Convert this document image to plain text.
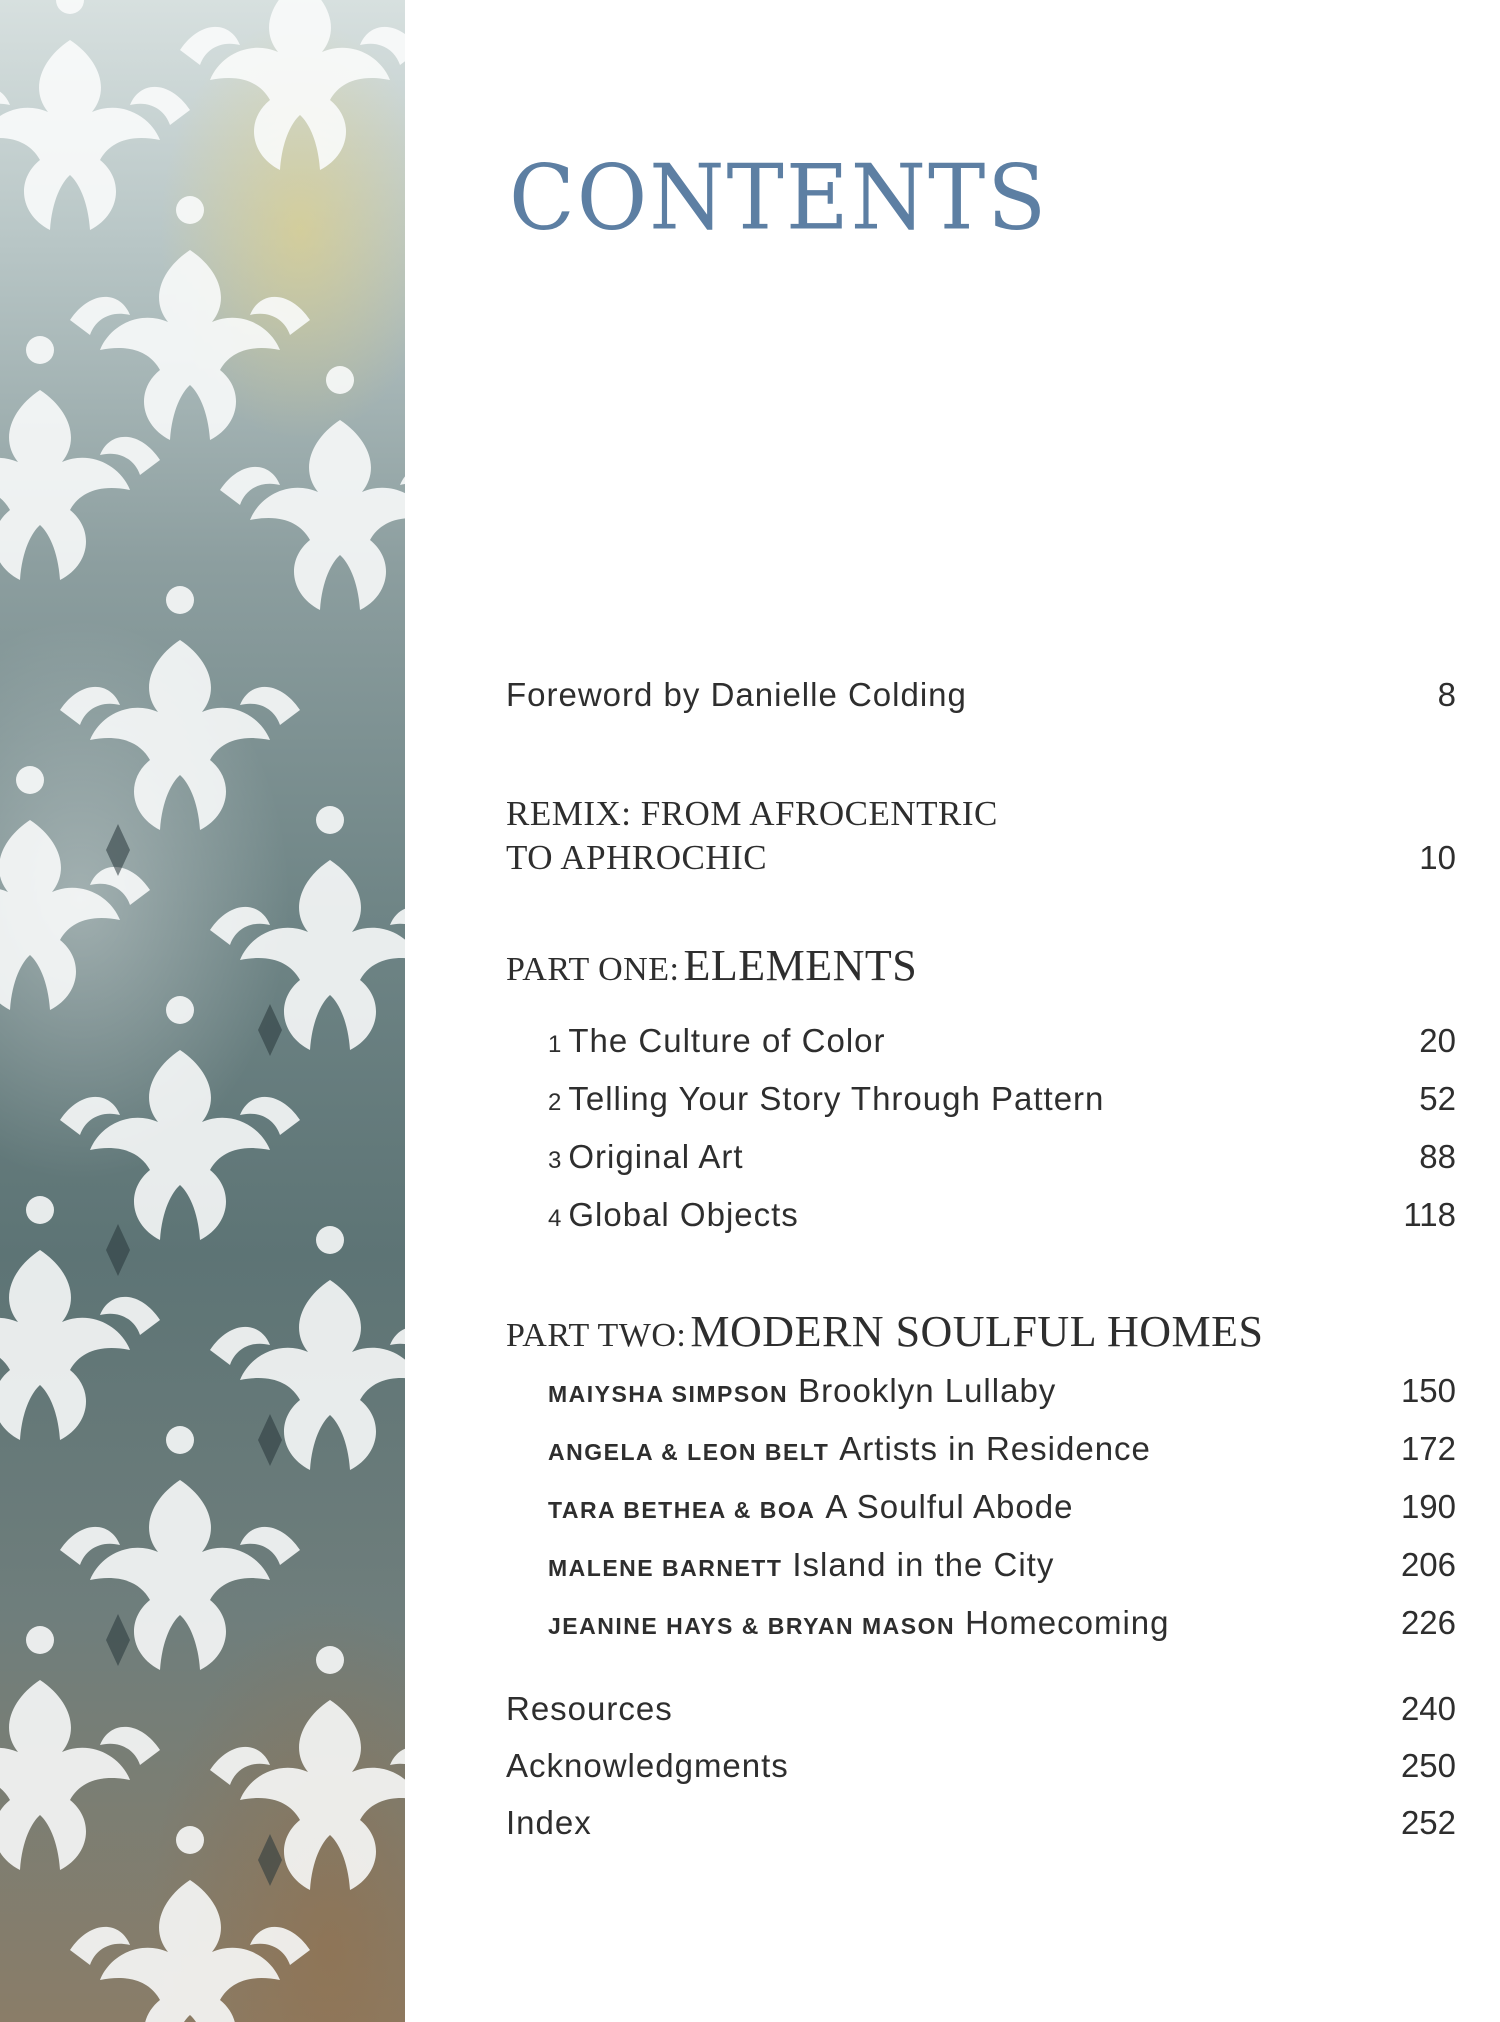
CONTENTS
Foreword by Danielle Colding	8
REMIX: FROM AFROCENTRIC
TO APHROCHIC	10
PART ONE: ELEMENTS
1 The Culture of Color	20
2 Telling Your Story Through Pattern	52
3 Original Art	88
4 Global Objects	118
PART TWO: MODERN SOULFUL HOMES
MAIYSHA SIMPSON Brooklyn Lullaby	150
ANGELA & LEON BELT Artists in Residence	172
TARA BETHEA & BOA A Soulful Abode	190
MALENE BARNETT Island in the City	206
JEANINE HAYS & BRYAN MASON Homecoming	226
Resources	240
Acknowledgments	250
Index	252
